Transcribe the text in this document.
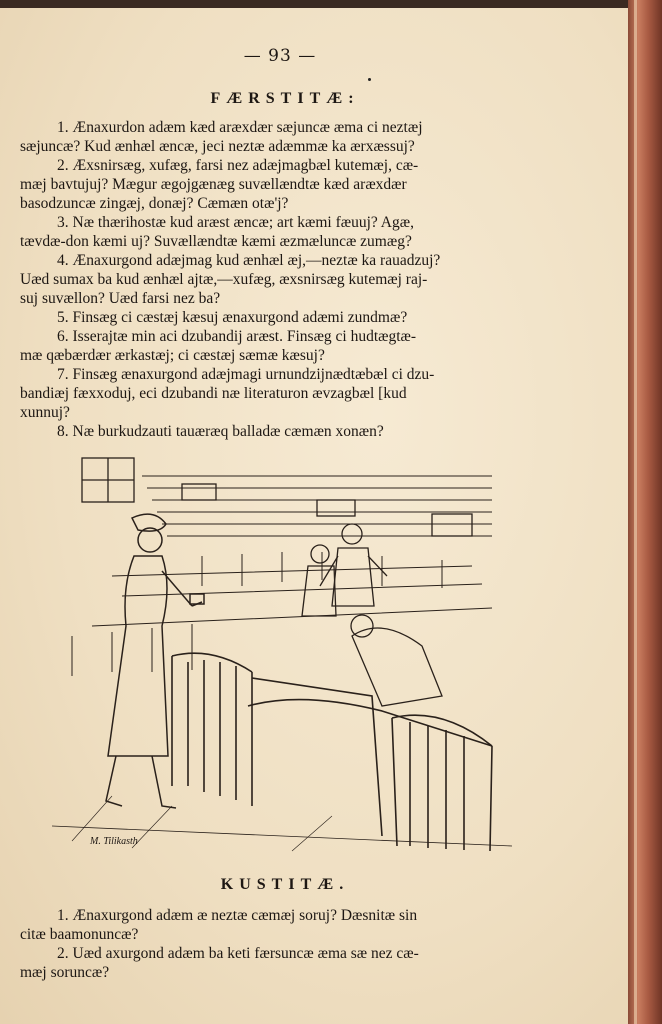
— 93 —
FÆRSTITÆ:
1. Ænaxurdon adæm kæd aræxdær sæjuncæ æma ci neztæj
sæjuncæ? Kud ænhæl æncæ, jeci neztæ adæmmæ ka ærxæssuj?
2. Æxsnirsæg, xufæg, farsi nez adæjmagbæl kutemæj, cæ-
mæj bavtujuj? Mægur ægojgænæg suvællændtæ kæd aræxdær
basodzuncæ zingæj, donæj? Cæmæn otæ'j?
3. Næ thærihostæ kud aræst æncæ; art kæmi fæuuj? Agæ,
tævdæ-don kæmi uj? Suvællændtæ kæmi æzmæluncæ zumæg?
4. Ænaxurgond adæjmag kud ænhæl æj,—neztæ ka rauadzuj?
Uæd sumax ba kud ænhæl ajtæ,—xufæg, æxsnirsæg kutemæj raj-
suj suvællon? Uæd farsi nez ba?
5. Finsæg ci cæstæj kæsuj ænaxurgond adæmi zundmæ?
6. Isserajtæ min aci dzubandij aræst. Finsæg ci hudtægtæ-
mæ qæbærdær ærkastæj; ci cæstæj sæmæ kæsuj?
7. Finsæg ænaxurgond adæjmagi urnundzijnædtæbæl ci dzu-
bandiæj fæxxoduj, eci dzubandi næ literaturon ævzagbæl [kud
xunnuj?
8. Næ burkudzauti tauæræq balladæ cæmæn xonæn?
M. Tilikasth
KUSTITÆ.
1. Ænaxurgond adæm æ neztæ cæmæj soruj? Dæsnitæ sin
citæ baamonuncæ?
2. Uæd axurgond adæm ba keti færsuncæ æma sæ nez cæ-
mæj soruncæ?
